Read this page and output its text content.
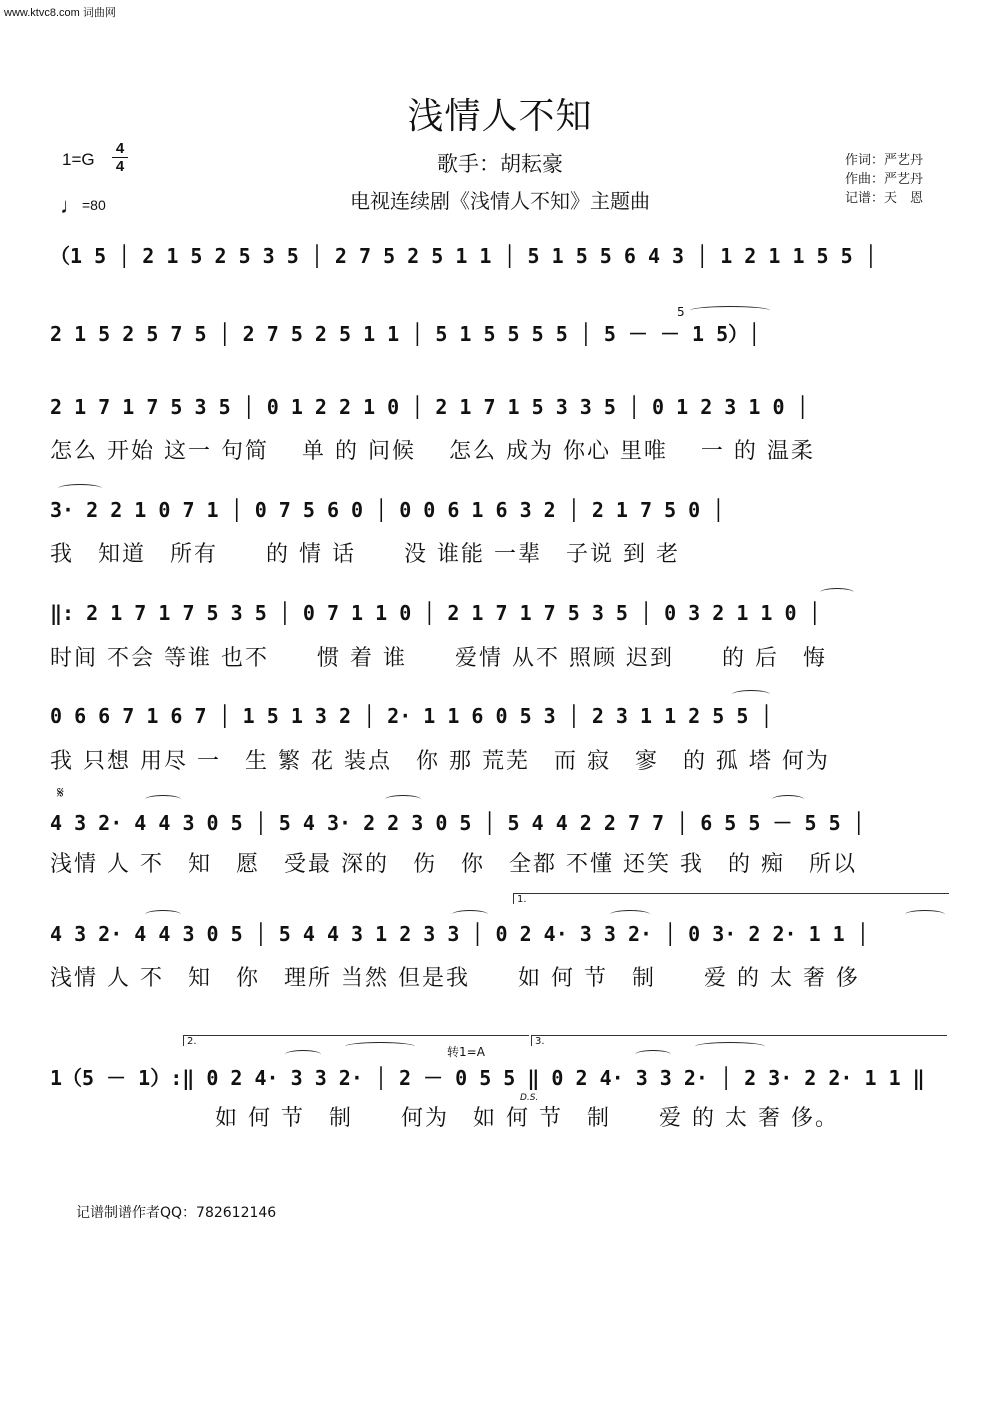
www.ktvc8.com 词曲网
浅情人不知
歌手：胡耘豪
电视连续剧《浅情人不知》主题曲
1=G
4
4
♩=80
作词：严艺丹
作曲：严艺丹
记谱：天　恩
（1 5 │ 2 1 5 2 5 3 5 │ 2 7 5 2 5 1 1 │ 5 1 5 5 6 4 3 │ 1 2 1 1 5 5 │
2 1 5 2 5 7 5 │ 2 7 5 2 5 1 1 │ 5 1 5 5 5 5 │ 5 － － 1 5）│
5
2 1 7 1 7 5 3 5 │ 0 1 2 2 1 0 │ 2 1 7 1 5 3 3 5 │ 0 1 2 3 1 0 │
怎么 开始 这一 句简 　单 的 问候 　怎么 成为 你心 里唯 　一 的 温柔
3· 2 2 1 0 7 1 │ 0 7 5 6 0 │ 0 0 6 1 6 3 2 │ 2 1 7 5 0 │
我　知道　所有　　的 情 话　　没 谁能 一辈　子说 到 老
‖: 2 1 7 1 7 5 3 5 │ 0 7 1 1 0 │ 2 1 7 1 7 5 3 5 │ 0 3 2 1 1 0 │
时间 不会 等谁 也不　　惯 着 谁　　爱情 从不 照顾 迟到　　的 后　悔
0 6 6 7 1 6 7 │ 1 5 1 3 2 │ 2· 1 1 6 0 5 3 │ 2 3 1 1 2 5 5 │
我 只想 用尽 一　生 繁 花 装点　你 那 荒芜　而 寂　寥　的 孤 塔 何为
𝄋
4 3 2· 4 4 3 0 5 │ 5 4 3· 2 2 3 0 5 │ 5 4 4 2 2 7 7 │ 6 5 5 － 5 5 │
浅情 人 不　知　愿　受最 深的　伤　你　全都 不懂 还笑 我　的 痴　所以
1.
4 3 2· 4 4 3 0 5 │ 5 4 4 3 1 2 3 3 │ 0 2 4· 3 3 2· │ 0 3· 2 2· 1 1 │
浅情 人 不　知　你　理所 当然 但是我　　如 何 节　制　　爱 的 太 奢 侈
2.	3.
转1=A
1（5 － 1）:‖ 0 2 4· 3 3 2· │ 2 － 0 5 5 ‖ 0 2 4· 3 3 2· │ 2 3· 2 2· 1 1 ‖
D.S.
如 何 节　制　　何为　如 何 节　制　　爱 的 太 奢 侈。
记谱制谱作者QQ：782612146
